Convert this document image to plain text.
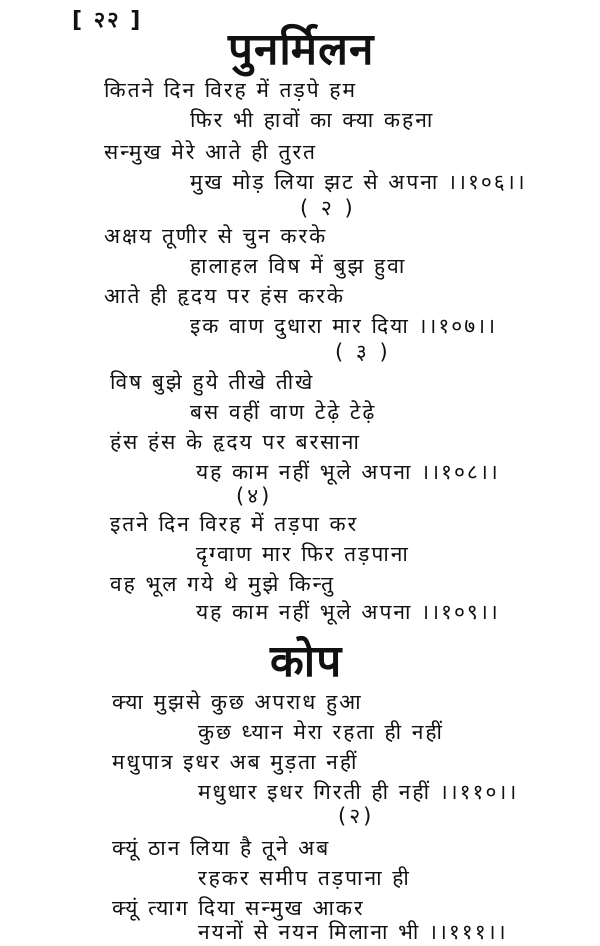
[ २२ ]
पुनर्मिलन
कितने दिन विरह में तड़पे हम
फिर भी हावों का क्या कहना
सन्मुख मेरे आते ही तुरत
मुख मोड़ लिया झट से अपना ।।१०६।।
( २ )
अक्षय तूणीर से चुन करके
हालाहल विष में बुझ हुवा
आते ही हृदय पर हंस करके
इक वाण दुधारा मार दिया ।।१०७।।
( ३ )
विष बुझे हुये तीखे तीखे
बस वहीं वाण टेढ़े टेढ़े
हंस हंस के हृदय पर बरसाना
यह काम नहीं भूले अपना ।।१०८।।
(४)
इतने दिन विरह में तड़पा कर
दृग्वाण मार फिर तड़पाना
वह भूल गये थे मुझे किन्तु
यह काम नहीं भूले अपना ।।१०९।।
कोप
क्या मुझसे कुछ अपराध हुआ
कुछ ध्यान मेरा रहता ही नहीं
मधुपात्र इधर अब मुड़ता नहीं
मधुधार इधर गिरती ही नहीं ।।११०।।
(२)
क्यूं ठान लिया है तूने अब
रहकर समीप तड़पाना ही
क्यूं त्याग दिया सन्मुख आकर
नयनों से नयन मिलाना भी ।।१११।।
